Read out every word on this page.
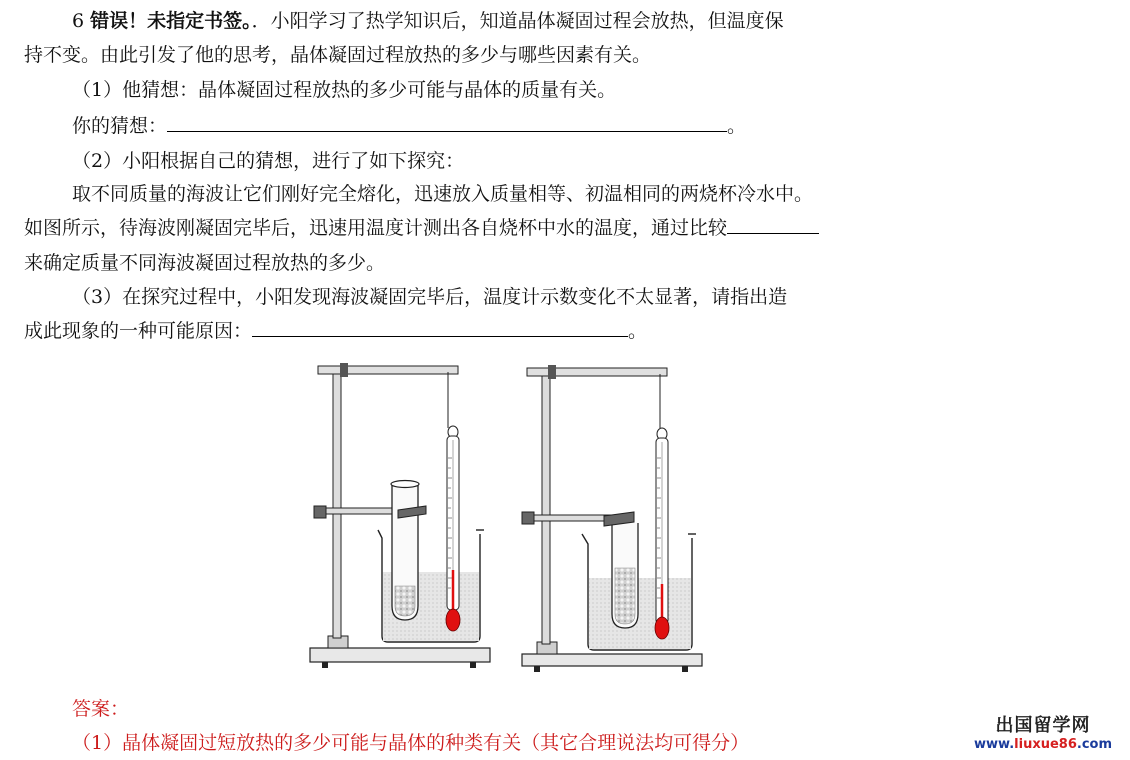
6 错误！未指定书签。．小阳学习了热学知识后，知道晶体凝固过程会放热，但温度保
持不变。由此引发了他的思考，晶体凝固过程放热的多少与哪些因素有关。
（1）他猜想：晶体凝固过程放热的多少可能与晶体的质量有关。
你的猜想：	。
（2）小阳根据自己的猜想，进行了如下探究：
取不同质量的海波让它们刚好完全熔化，迅速放入质量相等、初温相同的两烧杯冷水中。
如图所示，待海波刚凝固完毕后，迅速用温度计测出各自烧杯中水的温度，通过比较
来确定质量不同海波凝固过程放热的多少。
（3）在探究过程中，小阳发现海波凝固完毕后，温度计示数变化不太显著，请指出造
成此现象的一种可能原因：	。
答案：
（1）晶体凝固过短放热的多少可能与晶体的种类有关（其它合理说法均可得分）
出国留学网
www.liuxue86.com
